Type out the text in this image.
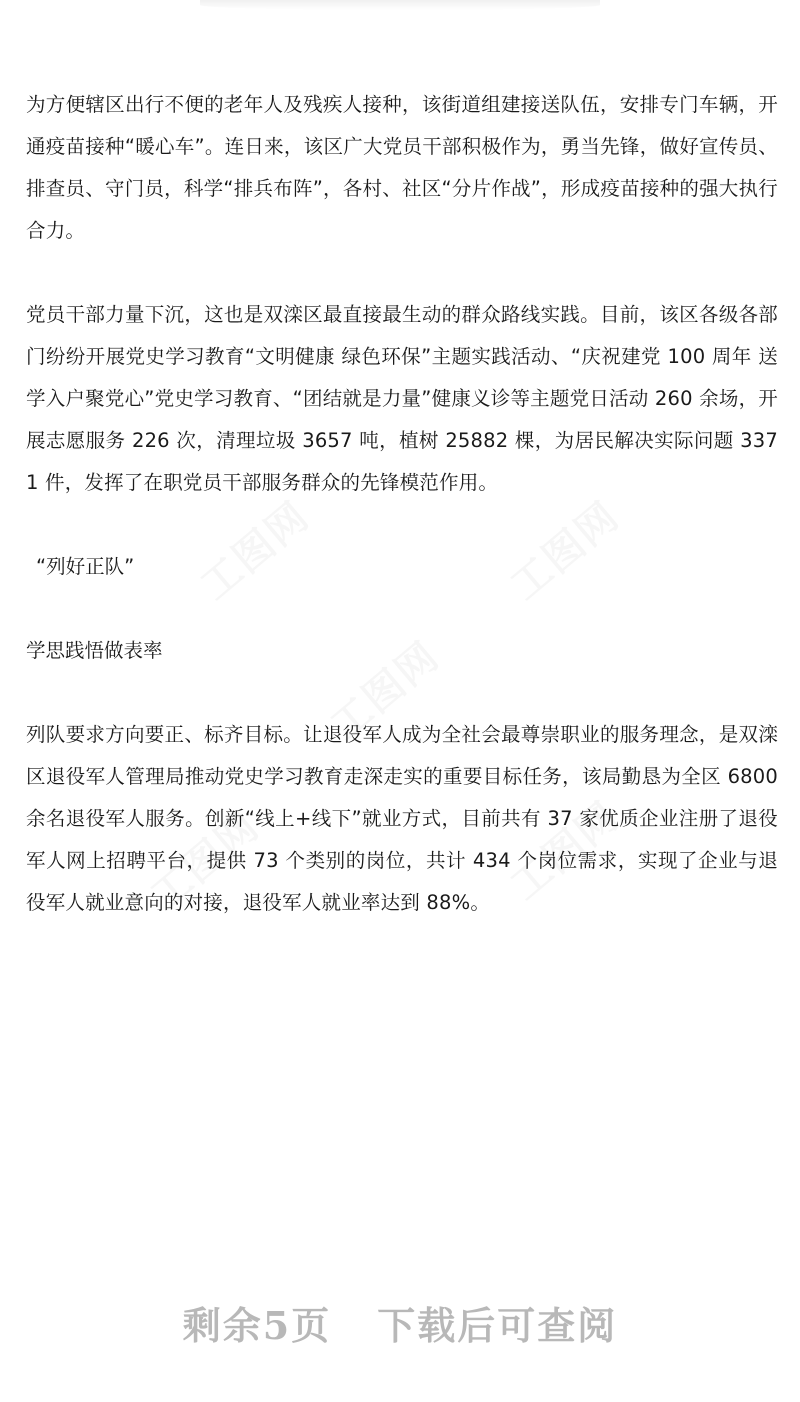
为方便辖区出行不便的老年人及残疾人接种，该街道组建接送队伍，安排专门车辆，开通疫苗接种“暖心车”。连日来，该区广大党员干部积极作为，勇当先锋，做好宣传员、排查员、守门员，科学“排兵布阵”，各村、社区“分片作战”，形成疫苗接种的强大执行合力。

党员干部力量下沉，这也是双滦区最直接最生动的群众路线实践。目前，该区各级各部门纷纷开展党史学习教育“文明健康 绿色环保”主题实践活动、“庆祝建党 100 周年 送学入户聚党心”党史学习教育、“团结就是力量”健康义诊等主题党日活动 260 余场，开展志愿服务 226 次，清理垃圾 3657 吨，植树 25882 棵，为居民解决实际问题 3371 件，发挥了在职党员干部服务群众的先锋模范作用。

“列好正队”

学思践悟做表率

列队要求方向要正、标齐目标。让退役军人成为全社会最尊崇职业的服务理念，是双滦区退役军人管理局推动党史学习教育走深走实的重要目标任务，该局勤恳为全区 6800 余名退役军人服务。创新“线上+线下”就业方式，目前共有 37 家优质企业注册了退役军人网上招聘平台，提供 73 个类别的岗位，共计 434 个岗位需求，实现了企业与退役军人就业意向的对接，退役军人就业率达到 88%。

剩余5页 下载后可查阅
